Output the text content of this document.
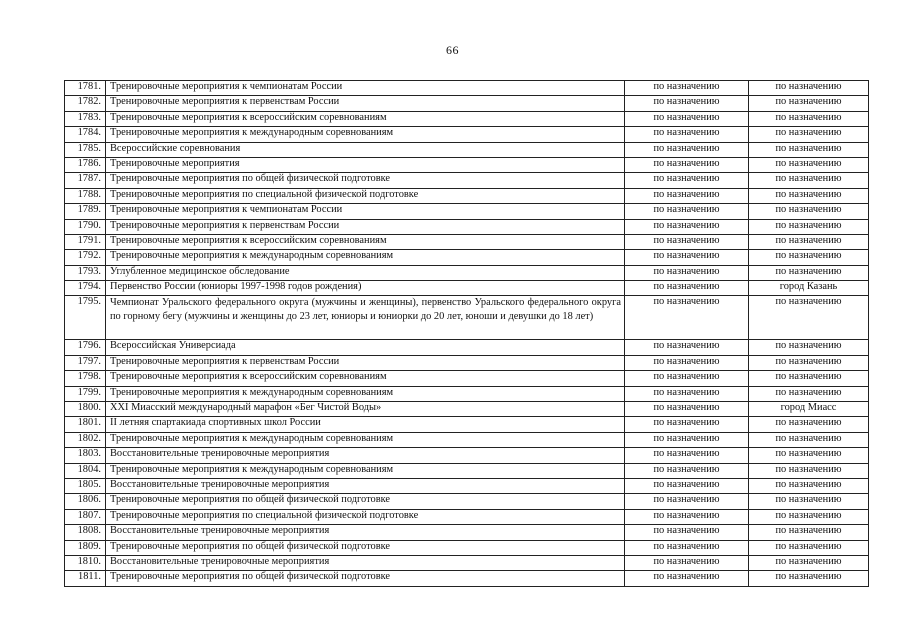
66
1781.	Тренировочные мероприятия к чемпионатам России	по назначению	по назначению
1782.	Тренировочные мероприятия к первенствам России	по назначению	по назначению
1783.	Тренировочные мероприятия к всероссийским соревнованиям	по назначению	по назначению
1784.	Тренировочные мероприятия к международным соревнованиям	по назначению	по назначению
1785.	Всероссийские соревнования	по назначению	по назначению
1786.	Тренировочные мероприятия	по назначению	по назначению
1787.	Тренировочные мероприятия по общей физической подготовке	по назначению	по назначению
1788.	Тренировочные мероприятия по специальной физической подготовке	по назначению	по назначению
1789.	Тренировочные мероприятия к чемпионатам России	по назначению	по назначению
1790.	Тренировочные мероприятия к первенствам России	по назначению	по назначению
1791.	Тренировочные мероприятия к всероссийским соревнованиям	по назначению	по назначению
1792.	Тренировочные мероприятия к международным соревнованиям	по назначению	по назначению
1793.	Углубленное медицинское обследование	по назначению	по назначению
1794.	Первенство России (юниоры 1997-1998 годов рождения)	по назначению	город Казань
1795.	Чемпионат Уральского федерального округа (мужчины и женщины), первенство Уральского федерального округа по горному бегу (мужчины и женщины до 23 лет, юниоры и юниорки до 20 лет, юноши и девушки до 18 лет)	по назначению	по назначению
1796.	Всероссийская Универсиада	по назначению	по назначению
1797.	Тренировочные мероприятия к первенствам России	по назначению	по назначению
1798.	Тренировочные мероприятия к всероссийским соревнованиям	по назначению	по назначению
1799.	Тренировочные мероприятия к международным соревнованиям	по назначению	по назначению
1800.	XXI Миасский международный марафон «Бег Чистой Воды»	по назначению	город Миасс
1801.	II летняя спартакиада спортивных школ России	по назначению	по назначению
1802.	Тренировочные мероприятия к международным соревнованиям	по назначению	по назначению
1803.	Восстановительные тренировочные мероприятия	по назначению	по назначению
1804.	Тренировочные мероприятия к международным соревнованиям	по назначению	по назначению
1805.	Восстановительные тренировочные мероприятия	по назначению	по назначению
1806.	Тренировочные мероприятия по общей физической подготовке	по назначению	по назначению
1807.	Тренировочные мероприятия по специальной физической подготовке	по назначению	по назначению
1808.	Восстановительные тренировочные мероприятия	по назначению	по назначению
1809.	Тренировочные мероприятия по общей физической подготовке	по назначению	по назначению
1810.	Восстановительные тренировочные мероприятия	по назначению	по назначению
1811.	Тренировочные мероприятия по общей физической подготовке	по назначению	по назначению
